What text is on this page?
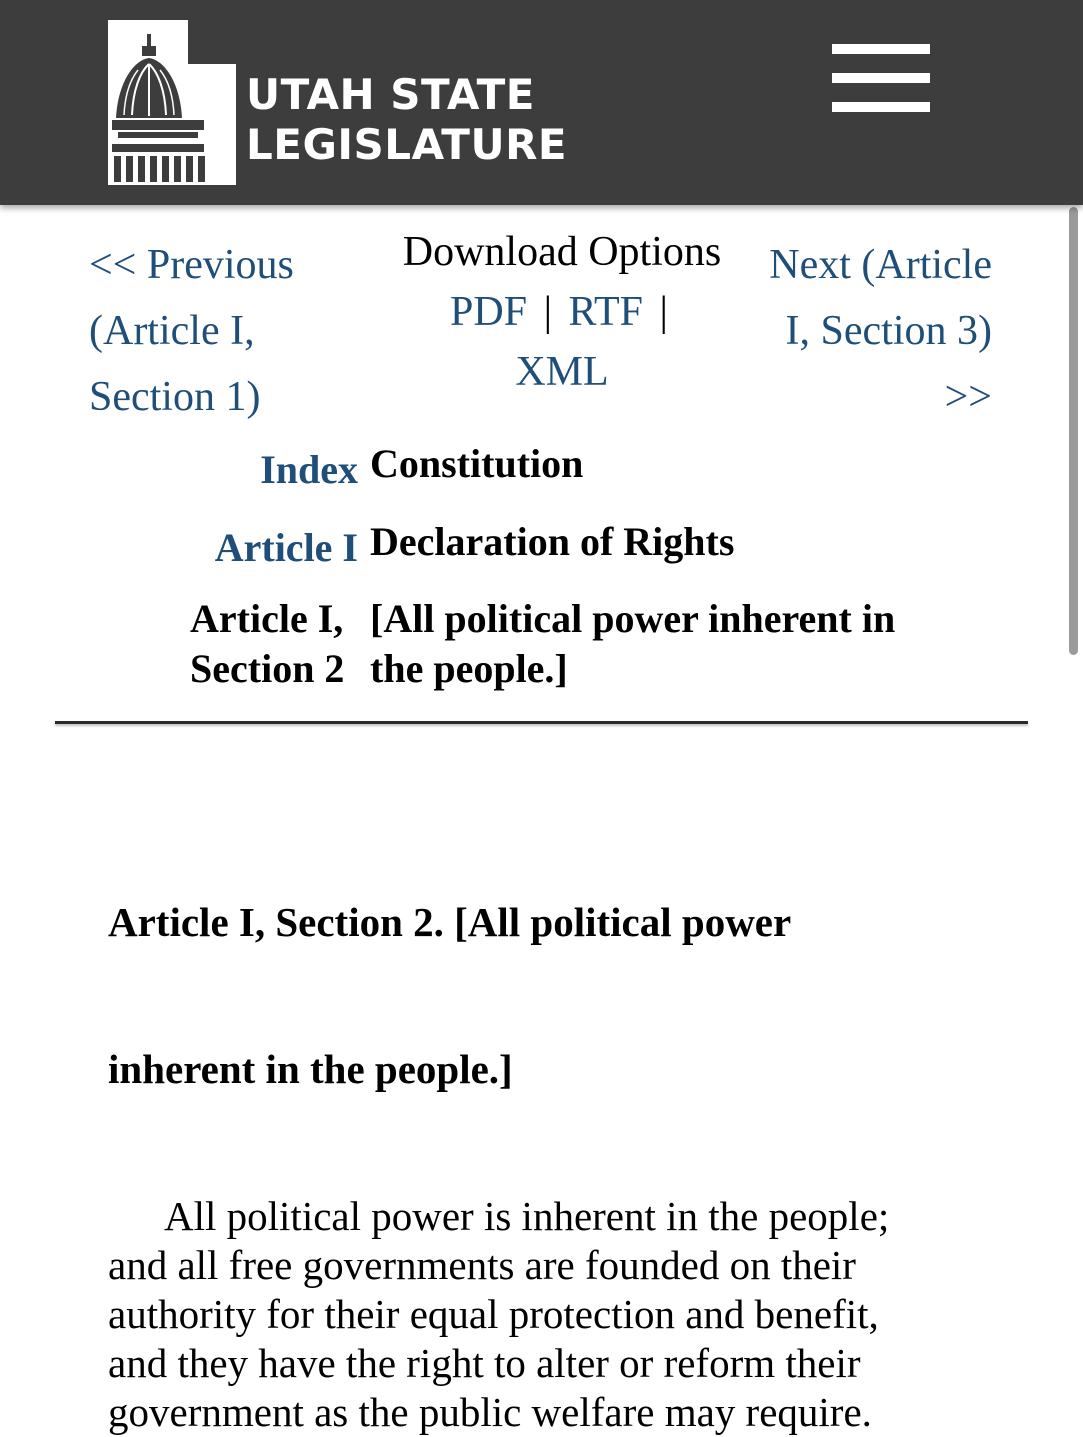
UTAH STATE
LEGISLATURE
<< Previous
(Article I,
Section 1)
Download Options
PDF | RTF |
XML
Next (Article
I, Section 3)
>>
Index Constitution
Article I Declaration of Rights
Article I,
Section 2
[All political power inherent in
the people.]

Article I, Section 2. [All political power

inherent in the people.]

All political power is inherent in the people;
and all free governments are founded on their
authority for their equal protection and benefit,
and they have the right to alter or reform their
government as the public welfare may require.
